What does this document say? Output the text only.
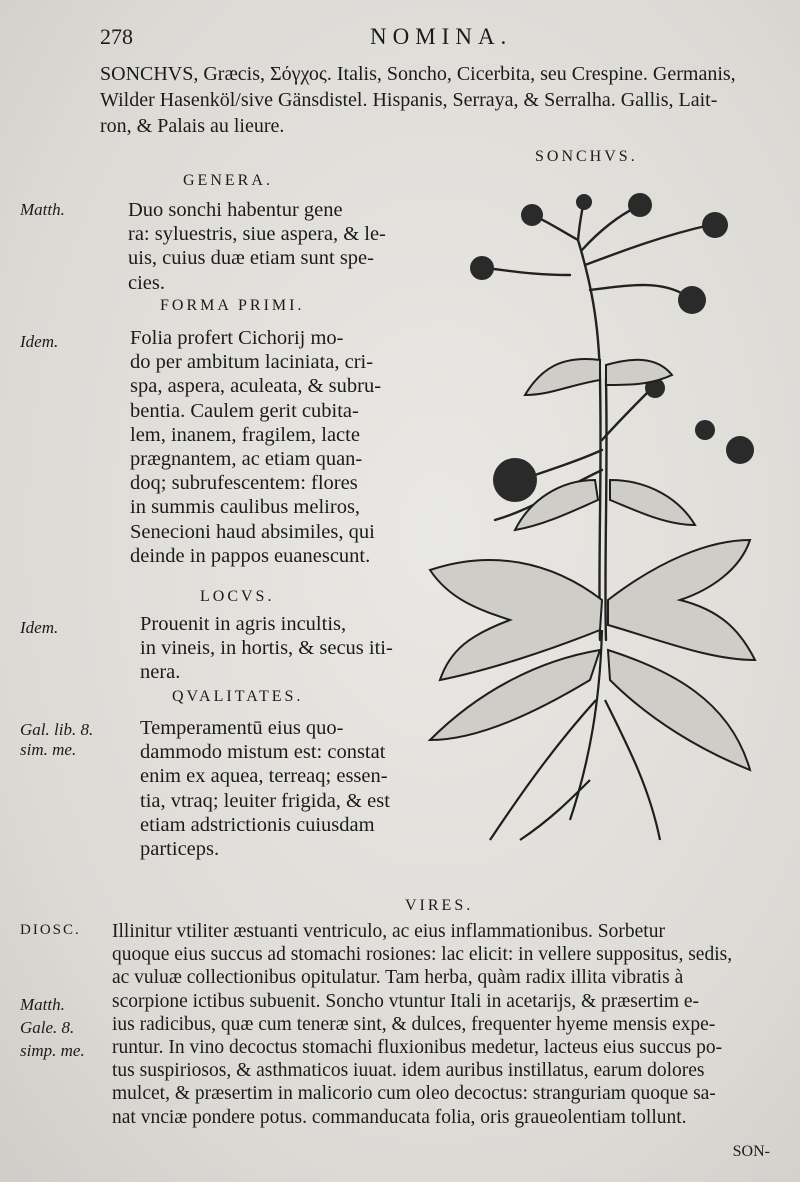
278	NOMINA.
SONCHVS, Græcis, Σόγχος. Italis, Soncho, Cicerbita, seu Crespine. Germanis,
Wilder Hasenköl/sive Gänsdistel. Hispanis, Serraya, & Serralha. Gallis, Lait-
ron, & Palais au lieure.
SONCHVS.
GENERA.
Matth.	Duo sonchi habentur gene
ra: syluestris, siue aspera, & le-
uis, cuius duæ etiam sunt spe-
cies.
FORMA PRIMI.
Idem.	Folia profert Cichorij mo-
do per ambitum laciniata, cri-
spa, aspera, aculeata, & subru-
bentia. Caulem gerit cubita-
lem, inanem, fragilem, lacte
prægnantem, ac etiam quan-
doq; subrufescentem: flores
in summis caulibus meliros,
Senecioni haud absimiles, qui
deinde in pappos euanescunt.
LOCVS.
Idem.	Prouenit in agris incultis,
in vineis, in hortis, & secus iti-
nera.
QVALITATES.
Gal. lib. 8. sim. me.
Temperamentū eius quo-
dammodo mistum est: constat
enim ex aquea, terreaq; essen-
tia, vtraq; leuiter frigida, & est
etiam adstrictionis cuiusdam
particeps.
VIRES.
DIOSC.
Matth.
Gale. 8.
simp. me.
Illinitur vtiliter æstuanti ventriculo, ac eius inflammationibus. Sorbetur
quoque eius succus ad stomachi rosiones: lac elicit: in vellere suppositus, sedis,
ac vuluæ collectionibus opitulatur. Tam herba, quàm radix illita vibratis à
scorpione ictibus subuenit. Soncho vtuntur Itali in acetarijs, & præsertim e-
ius radicibus, quæ cum teneræ sint, & dulces, frequenter hyeme mensis expe-
runtur. In vino decoctus stomachi fluxionibus medetur, lacteus eius succus po-
tus suspiriosos, & asthmaticos iuuat. idem auribus instillatus, earum dolores
mulcet, & præsertim in malicorio cum oleo decoctus: stranguriam quoque sa-
nat vnciæ pondere potus. commanducata folia, oris graueolentiam tollunt.
SON-
